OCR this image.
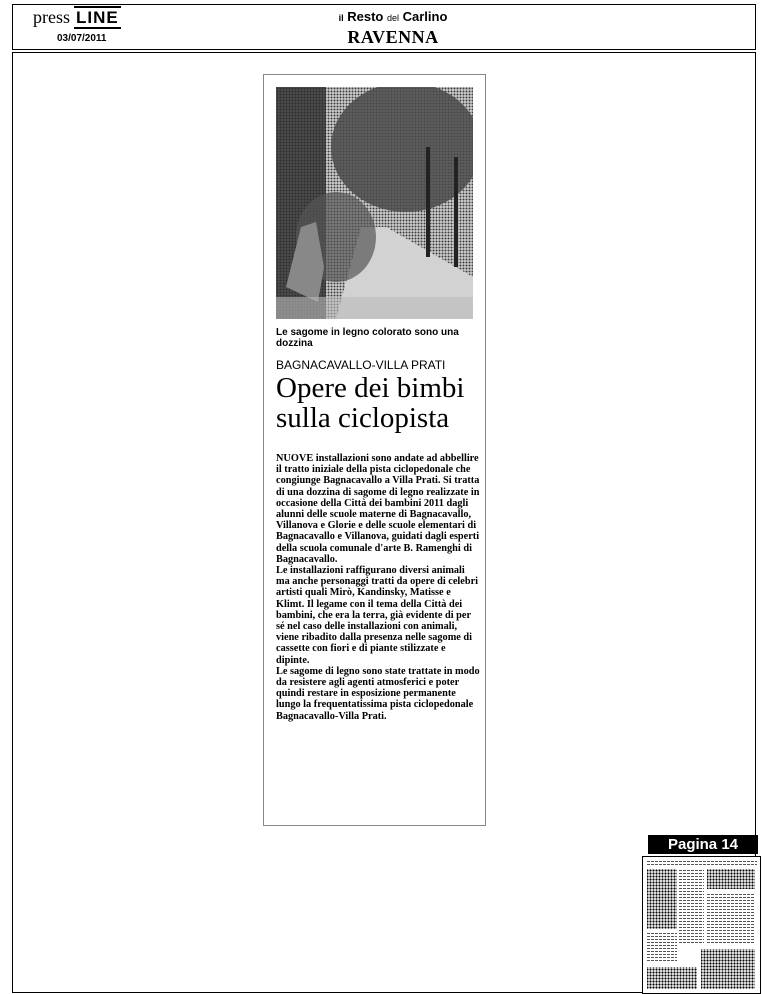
press LINE
03/07/2011
il Resto del Carlino
RAVENNA
Le sagome in legno colorato sono una dozzina
BAGNACAVALLO-VILLA PRATI
Opere dei bimbi sulla ciclopista

NUOVE installazioni sono andate ad abbellire il tratto iniziale della pista ciclopedonale che congiunge Bagnacavallo a Villa Prati. Si tratta di una dozzina di sagome di legno realizzate in occasione della Città dei bambini 2011 dagli alunni delle scuole materne di Bagnacavallo, Villanova e Glorie e delle scuole elementari di Bagnacavallo e Villanova, guidati dagli esperti della scuola comunale d'arte B. Ramenghi di Bagnacavallo.

Le installazioni raffigurano diversi animali ma anche personaggi tratti da opere di celebri artisti quali Mirò, Kandinsky, Matisse e Klimt. Il legame con il tema della Città dei bambini, che era la terra, già evidente di per sé nel caso delle installazioni con animali, viene ribadito dalla presenza nelle sagome di cassette con fiori e di piante stilizzate e dipinte.

Le sagome di legno sono state trattate in modo da resistere agli agenti atmosferici e poter quindi restare in esposizione permanente lungo la frequentatissima pista ciclopedonale Bagnacavallo-Villa Prati.

Pagina 14
